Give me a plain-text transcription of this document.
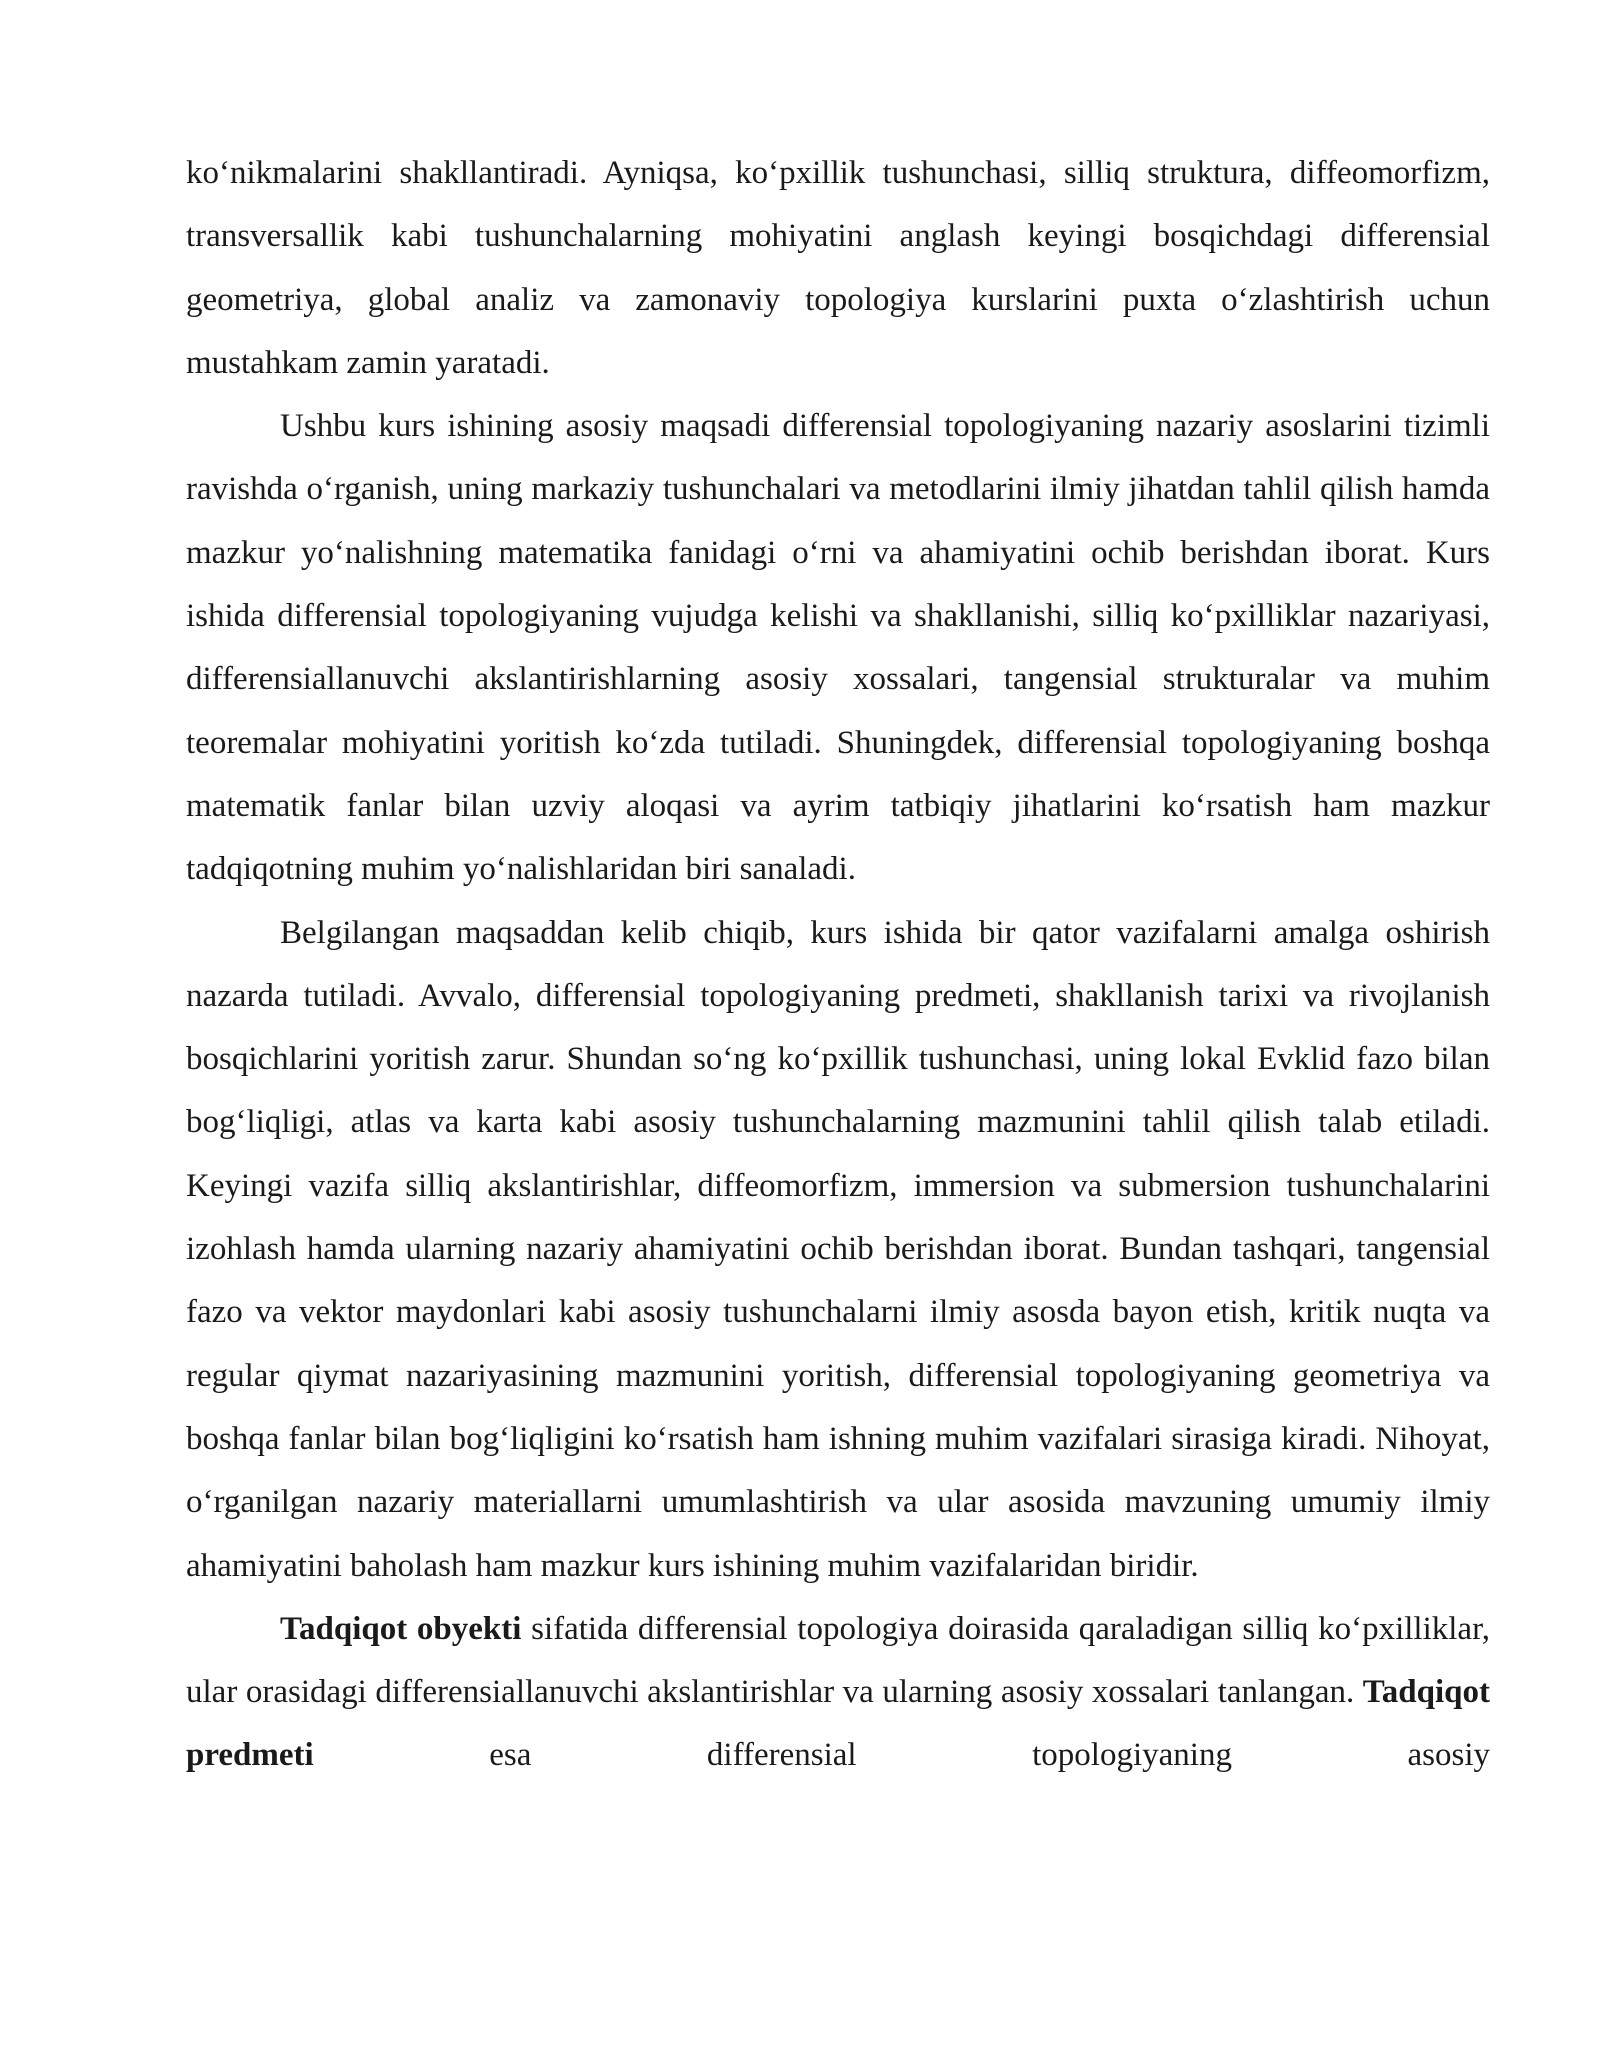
ko‘nikmalarini shakllantiradi. Ayniqsa, ko‘pxillik tushunchasi, silliq struktura, diffeomorfizm, transversallik kabi tushunchalarning mohiyatini anglash keyingi bosqichdagi differensial geometriya, global analiz va zamonaviy topologiya kurslarini puxta o‘zlashtirish uchun mustahkam zamin yaratadi.

Ushbu kurs ishining asosiy maqsadi differensial topologiyaning nazariy asoslarini tizimli ravishda o‘rganish, uning markaziy tushunchalari va metodlarini ilmiy jihatdan tahlil qilish hamda mazkur yo‘nalishning matematika fanidagi o‘rni va ahamiyatini ochib berishdan iborat. Kurs ishida differensial topologiyaning vujudga kelishi va shakllanishi, silliq ko‘pxilliklar nazariyasi, differensiallanuvchi akslantirishlarning asosiy xossalari, tangensial strukturalar va muhim teoremalar mohiyatini yoritish ko‘zda tutiladi. Shuningdek, differensial topologiyaning boshqa matematik fanlar bilan uzviy aloqasi va ayrim tatbiqiy jihatlarini ko‘rsatish ham mazkur tadqiqotning muhim yo‘nalishlaridan biri sanaladi.

Belgilangan maqsaddan kelib chiqib, kurs ishida bir qator vazifalarni amalga oshirish nazarda tutiladi. Avvalo, differensial topologiyaning predmeti, shakllanish tarixi va rivojlanish bosqichlarini yoritish zarur. Shundan so‘ng ko‘pxillik tushunchasi, uning lokal Evklid fazo bilan bog‘liqligi, atlas va karta kabi asosiy tushunchalarning mazmunini tahlil qilish talab etiladi. Keyingi vazifa silliq akslantirishlar, diffeomorfizm, immersion va submersion tushunchalarini izohlash hamda ularning nazariy ahamiyatini ochib berishdan iborat. Bundan tashqari, tangensial fazo va vektor maydonlari kabi asosiy tushunchalarni ilmiy asosda bayon etish, kritik nuqta va regular qiymat nazariyasining mazmunini yoritish, differensial topologiyaning geometriya va boshqa fanlar bilan bog‘liqligini ko‘rsatish ham ishning muhim vazifalari sirasiga kiradi. Nihoyat, o‘rganilgan nazariy materiallarni umumlashtirish va ular asosida mavzuning umumiy ilmiy ahamiyatini baholash ham mazkur kurs ishining muhim vazifalaridan biridir.

Tadqiqot obyekti sifatida differensial topologiya doirasida qaraladigan silliq ko‘pxilliklar, ular orasidagi differensiallanuvchi akslantirishlar va ularning asosiy xossalari tanlangan. Tadqiqot predmeti esa differensial topologiyaning asosiy
